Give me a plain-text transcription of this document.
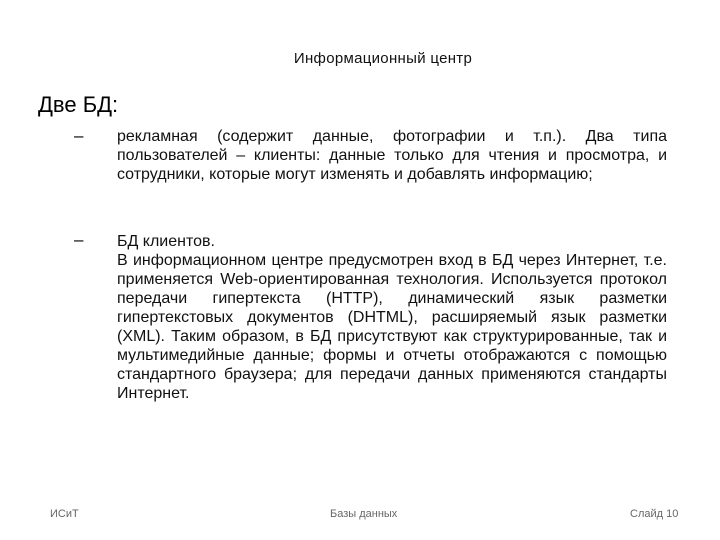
Информационный центр
Две БД:
– рекламная (содержит данные, фотографии и т.п.). Два типа пользователей – клиенты: данные только для чтения и просмотра, и сотрудники, которые могут изменять и добавлять информацию;

– БД клиентов.

В информационном центре предусмотрен вход в БД через Интернет, т.е. применяется Web-ориентированная технология. Используется протокол передачи гипертекста (HTTP), динамический язык разметки гипертекстовых документов (DHTML), расширяемый язык разметки (XML). Таким образом, в БД присутствуют как структурированные, так и мультимедийные данные; формы и отчеты отображаются с помощью стандартного браузера; для передачи данных применяются стандарты Интернет.

ИСиТ	Базы данных	Слайд 10
